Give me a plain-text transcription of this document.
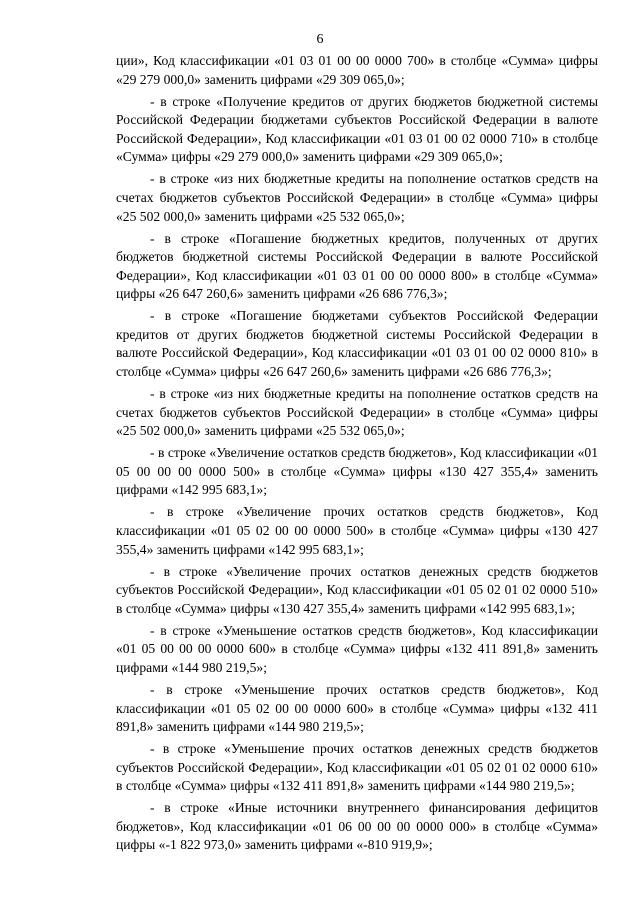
6

ции», Код классификации «01 03 01 00 00 0000 700» в столбце «Сумма» цифры «29 279 000,0» заменить цифрами «29 309 065,0»;

- в строке «Получение кредитов от других бюджетов бюджетной системы Российской Федерации бюджетами субъектов Российской Федерации в валюте Российской Федерации», Код классификации «01 03 01 00 02 0000 710» в столбце «Сумма» цифры «29 279 000,0» заменить цифрами «29 309 065,0»;

- в строке «из них бюджетные кредиты на пополнение остатков средств на счетах бюджетов субъектов Российской Федерации» в столбце «Сумма» цифры «25 502 000,0» заменить цифрами «25 532 065,0»;

- в строке «Погашение бюджетных кредитов, полученных от других бюджетов бюджетной системы Российской Федерации в валюте Российской Федерации», Код классификации «01 03 01 00 00 0000 800» в столбце «Сумма» цифры «26 647 260,6» заменить цифрами «26 686 776,3»;

- в строке «Погашение бюджетами субъектов Российской Федерации кредитов от других бюджетов бюджетной системы Российской Федерации в валюте Российской Федерации», Код классификации «01 03 01 00 02 0000 810» в столбце «Сумма» цифры «26 647 260,6» заменить цифрами «26 686 776,3»;

- в строке «из них бюджетные кредиты на пополнение остатков средств на счетах бюджетов субъектов Российской Федерации» в столбце «Сумма» цифры «25 502 000,0» заменить цифрами «25 532 065,0»;

- в строке «Увеличение остатков средств бюджетов», Код классификации «01 05 00 00 00 0000 500» в столбце «Сумма» цифры «130 427 355,4» заменить цифрами «142 995 683,1»;

- в строке «Увеличение прочих остатков средств бюджетов», Код классификации «01 05 02 00 00 0000 500» в столбце «Сумма» цифры «130 427 355,4» заменить цифрами «142 995 683,1»;

- в строке «Увеличение прочих остатков денежных средств бюджетов субъектов Российской Федерации», Код классификации «01 05 02 01 02 0000 510» в столбце «Сумма» цифры «130 427 355,4» заменить цифрами «142 995 683,1»;

- в строке «Уменьшение остатков средств бюджетов», Код классификации «01 05 00 00 00 0000 600» в столбце «Сумма» цифры «132 411 891,8» заменить цифрами «144 980 219,5»;

- в строке «Уменьшение прочих остатков средств бюджетов», Код классификации «01 05 02 00 00 0000 600» в столбце «Сумма» цифры «132 411 891,8» заменить цифрами «144 980 219,5»;

- в строке «Уменьшение прочих остатков денежных средств бюджетов субъектов Российской Федерации», Код классификации «01 05 02 01 02 0000 610» в столбце «Сумма» цифры «132 411 891,8» заменить цифрами «144 980 219,5»;

- в строке «Иные источники внутреннего финансирования дефицитов бюджетов», Код классификации «01 06 00 00 00 0000 000» в столбце «Сумма» цифры «-1 822 973,0» заменить цифрами «-810 919,9»;
